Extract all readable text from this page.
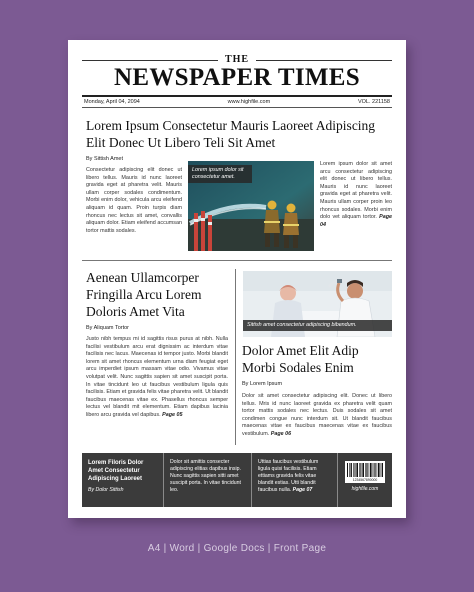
THE
NEWSPAPER TIMES
Monday, April 04, 2094	www.highfile.com	VOL. 221158
Lorem Ipsum Consectetur Mauris Laoreet Adipiscing Elit Donec Ut Libero Teli Sit Amet
By Sittish Amet
Consectetur adipiscing elit donec ut libero tellus. Mauris id nunc laoreet gravida eget at pharetra velit. Mauris ullam corper sodales condimentum. Morbi enim dolor, vehicula arcu eleifend aliquam id quam. Proin turpis diam rhoncus nec lectus sit amet, convallis aliquam dolor. Etiam eleifend accumsan tortor mattis sodales.
Lorem ipsum dolor sit consectetur amet.
Lorem ipsum dolor sit amet arcu consectetur adipiscing elit donec ut libero tellus. Mauris id nunc laoreet gravida eget at pharetra velit. Mauris ullam corper proin leo rhoncus sodales. Morbi enim dolo vet aliquam tortor. Page 04
Aenean Ullamcorper Fringilla Arcu Lorem Doloris Amet Vita
By Aliquam Tortor
Justo nibh tempus mi id sagittis risus purus at nibh. Nulla facilisi vestibulum arcu erat dignissim ac interdum vitae facilisis nec lacus. Maecenas id tempor justo. Morbi blandit lorem sit amet rhoncus elementum urna diam feugiat eget arcu imperdiet ipsum massam vitae odio. Vivamus vitae volutpat velit. Nunc sagittis sapien sit amet suscipit porta. In vitae tincidunt leo ut faucibus vestibulum ligula quis facilisis. Etiam et gravida felis vitae pharetra velit. Ut blandit faucibus maecenas vitae ex. Phasellus rhoncus semper lectus vel blandit mit elementum. Etiam dapibus lacinia libero arcu gravida vel dapibus. Page 05
Sittish amet consectetur adipiscing bibendum.
Dolor Amet Elit Adip Morbi Sodales Enim
By Lorem Ipsum
Dolor sit amet consectetur adipiscing elit. Donec ut libero tellus. Mris id nunc laoreet gravida ex pharetra velit quam tortor mattis sodales nec lectus. Duis sodales sit amet condimen congue nunc interdum sit. Ut blandit faucibus maecenas vitae ex faucibus maecenas vitae ex faucibus vestibulum. Page 06
Lorem Filoris Dolor Amet Consectetur Adipiscing Laoreet
By Dolor Sittish
Dolor sit amittis consecter adipiscing elitias dapibus insip. Nunc sagittis sapien sitti amet suscipit porta. In vitae tincidunt leo.
Uttias faucibus vestibulum ligula quisi facilisis. Etiam ettiams gravida felis vitae blandit estias. Utti blandit faucibus nulla. Page 07
1234567890000
highfile.com
A4 | Word | Google Docs | Front Page
